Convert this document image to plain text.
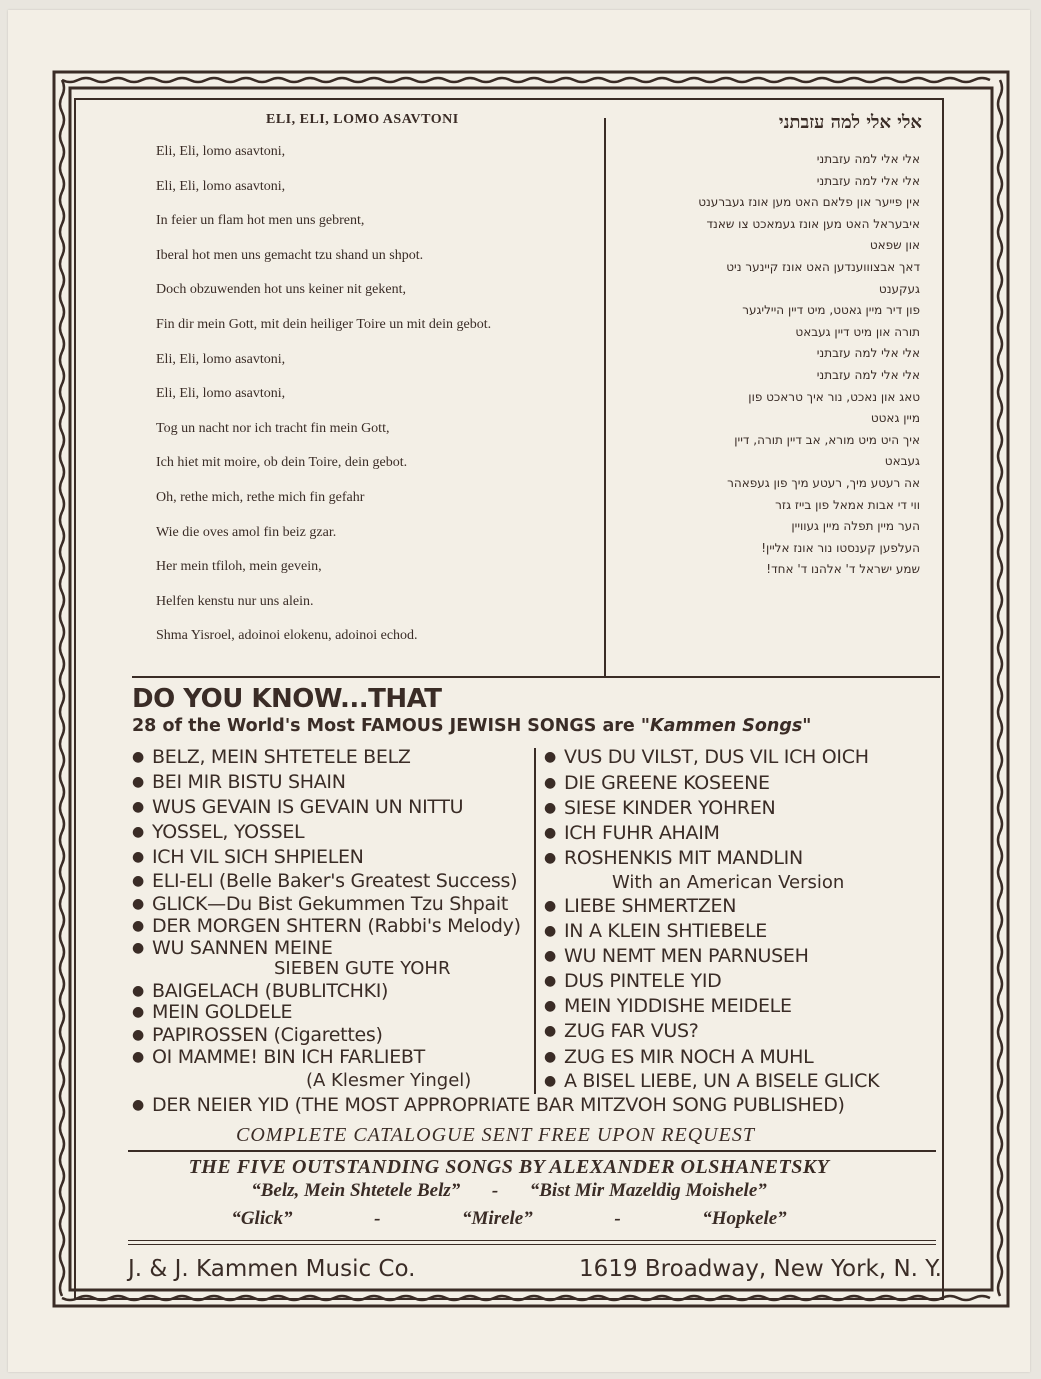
ELI, ELI, LOMO ASAVTONI
Eli, Eli, lomo asavtoni,
Eli, Eli, lomo asavtoni,
In feier un flam hot men uns gebrent,
Iberal hot men uns gemacht tzu shand un shpot.
Doch obzuwenden hot uns keiner nit gekent,
Fin dir mein Gott, mit dein heiliger Toire un mit dein gebot.
Eli, Eli, lomo asavtoni,
Eli, Eli, lomo asavtoni,
Tog un nacht nor ich tracht fin mein Gott,
Ich hiet mit moire, ob dein Toire, dein gebot.
Oh, rethe mich, rethe mich fin gefahr
Wie die oves amol fin beiz gzar.
Her mein tfiloh, mein gevein,
Helfen kenstu nur uns alein.
Shma Yisroel, adoinoi elokenu, adoinoi echod.
אלי אלי למה עזבתני
אלי אלי למה עזבתני
אלי אלי למה עזבתני
אין פייער און פלאם האט מען אונז געברענט
איבעראל האט מען אונז געמאכט צו שאנד
און שפאט
דאך אבצוווענדען האט אונז קיינער ניט
געקענט
פון דיר מיין גאטט, מיט דיין הייליגער
תורה און מיט דיין געבאט
אלי אלי למה עזבתני
אלי אלי למה עזבתני
טאג און נאכט, נור איך טראכט פון
מיין גאטט
איך היט מיט מורא, אב דיין תורה, דיין
געבאט
אה רעטע מיך, רעטע מיך פון געפאהר
ווי די אבות אמאל פון בייז גזר
הער מיין תפלה מיין געוויין
העלפען קענסטו נור אונז אליין!
שמע ישראל ד' אלהנו ד' אחד!
DO YOU KNOW...THAT
28 of the World's Most FAMOUS JEWISH SONGS are "Kammen Songs"
● BELZ, MEIN SHTETELE BELZ
● BEI MIR BISTU SHAIN
● WUS GEVAIN IS GEVAIN UN NITTU
● YOSSEL, YOSSEL
● ICH VIL SICH SHPIELEN
● ELI-ELI (Belle Baker's Greatest Success)
● GLICK—Du Bist Gekummen Tzu Shpait
● DER MORGEN SHTERN (Rabbi's Melody)
● WU SANNEN MEINE
● BAIGELACH (BUBLITCHKI)
● MEIN GOLDELE
● PAPIROSSEN (Cigarettes)
● OI MAMME! BIN ICH FARLIEBT
● VUS DU VILST, DUS VIL ICH OICH
● DIE GREENE KOSEENE
● SIESE KINDER YOHREN
● ICH FUHR AHAIM
● ROSHENKIS MIT MANDLIN
● LIEBE SHMERTZEN
● IN A KLEIN SHTIEBELE
● WU NEMT MEN PARNUSEH
● DUS PINTELE YID
● MEIN YIDDISHE MEIDELE
● ZUG FAR VUS?
● ZUG ES MIR NOCH A MUHL
● A BISEL LIEBE, UN A BISELE GLICK
SIEBEN GUTE YOHR
(A Klesmer Yingel)
With an American Version
● DER NEIER YID (THE MOST APPROPRIATE BAR MITZVOH SONG PUBLISHED)
COMPLETE CATALOGUE SENT FREE UPON REQUEST
THE FIVE OUTSTANDING SONGS BY ALEXANDER OLSHANETSKY
“Belz, Mein Shtetele Belz” - “Bist Mir Mazeldig Moishele”
“Glick”	-	“Mirele”	-	“Hopkele”
J. & J. Kammen Music Co.	1619 Broadway, New York, N. Y.
